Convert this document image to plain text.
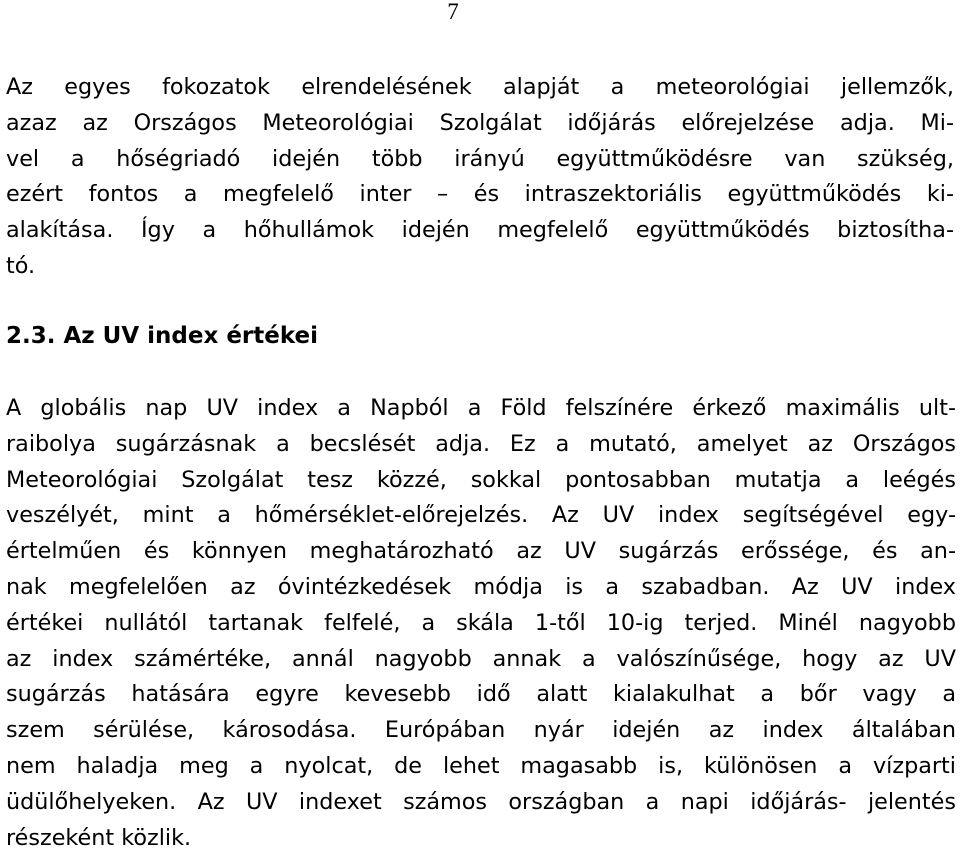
7
Az egyes fokozatok elrendelésének alapját a meteorológiai jellemzők,
azaz az Országos Meteorológiai Szolgálat időjárás előrejelzése adja. Mi-
vel a hőségriadó idején több irányú együttműködésre van szükség,
ezért fontos a megfelelő inter – és intraszektoriális együttműködés ki-
alakítása. Így a hőhullámok idején megfelelő együttműködés biztosítha-
tó.
2.3. Az UV index értékei
A globális nap UV index a Napból a Föld felszínére érkező maximális ult-
raibolya sugárzásnak a becslését adja. Ez a mutató, amelyet az Országos
Meteorológiai Szolgálat tesz közzé, sokkal pontosabban mutatja a leégés
veszélyét, mint a hőmérséklet-előrejelzés. Az UV index segítségével egy-
értelműen és könnyen meghatározható az UV sugárzás erőssége, és an-
nak megfelelően az óvintézkedések módja is a szabadban. Az UV index
értékei nullától tartanak felfelé, a skála 1-től 10-ig terjed. Minél nagyobb
az index számértéke, annál nagyobb annak a valószínűsége, hogy az UV
sugárzás hatására egyre kevesebb idő alatt kialakulhat a bőr vagy a
szem sérülése, károsodása. Európában nyár idején az index általában
nem haladja meg a nyolcat, de lehet magasabb is, különösen a vízparti
üdülőhelyeken. Az UV indexet számos országban a napi időjárás- jelentés
részeként közlik.
